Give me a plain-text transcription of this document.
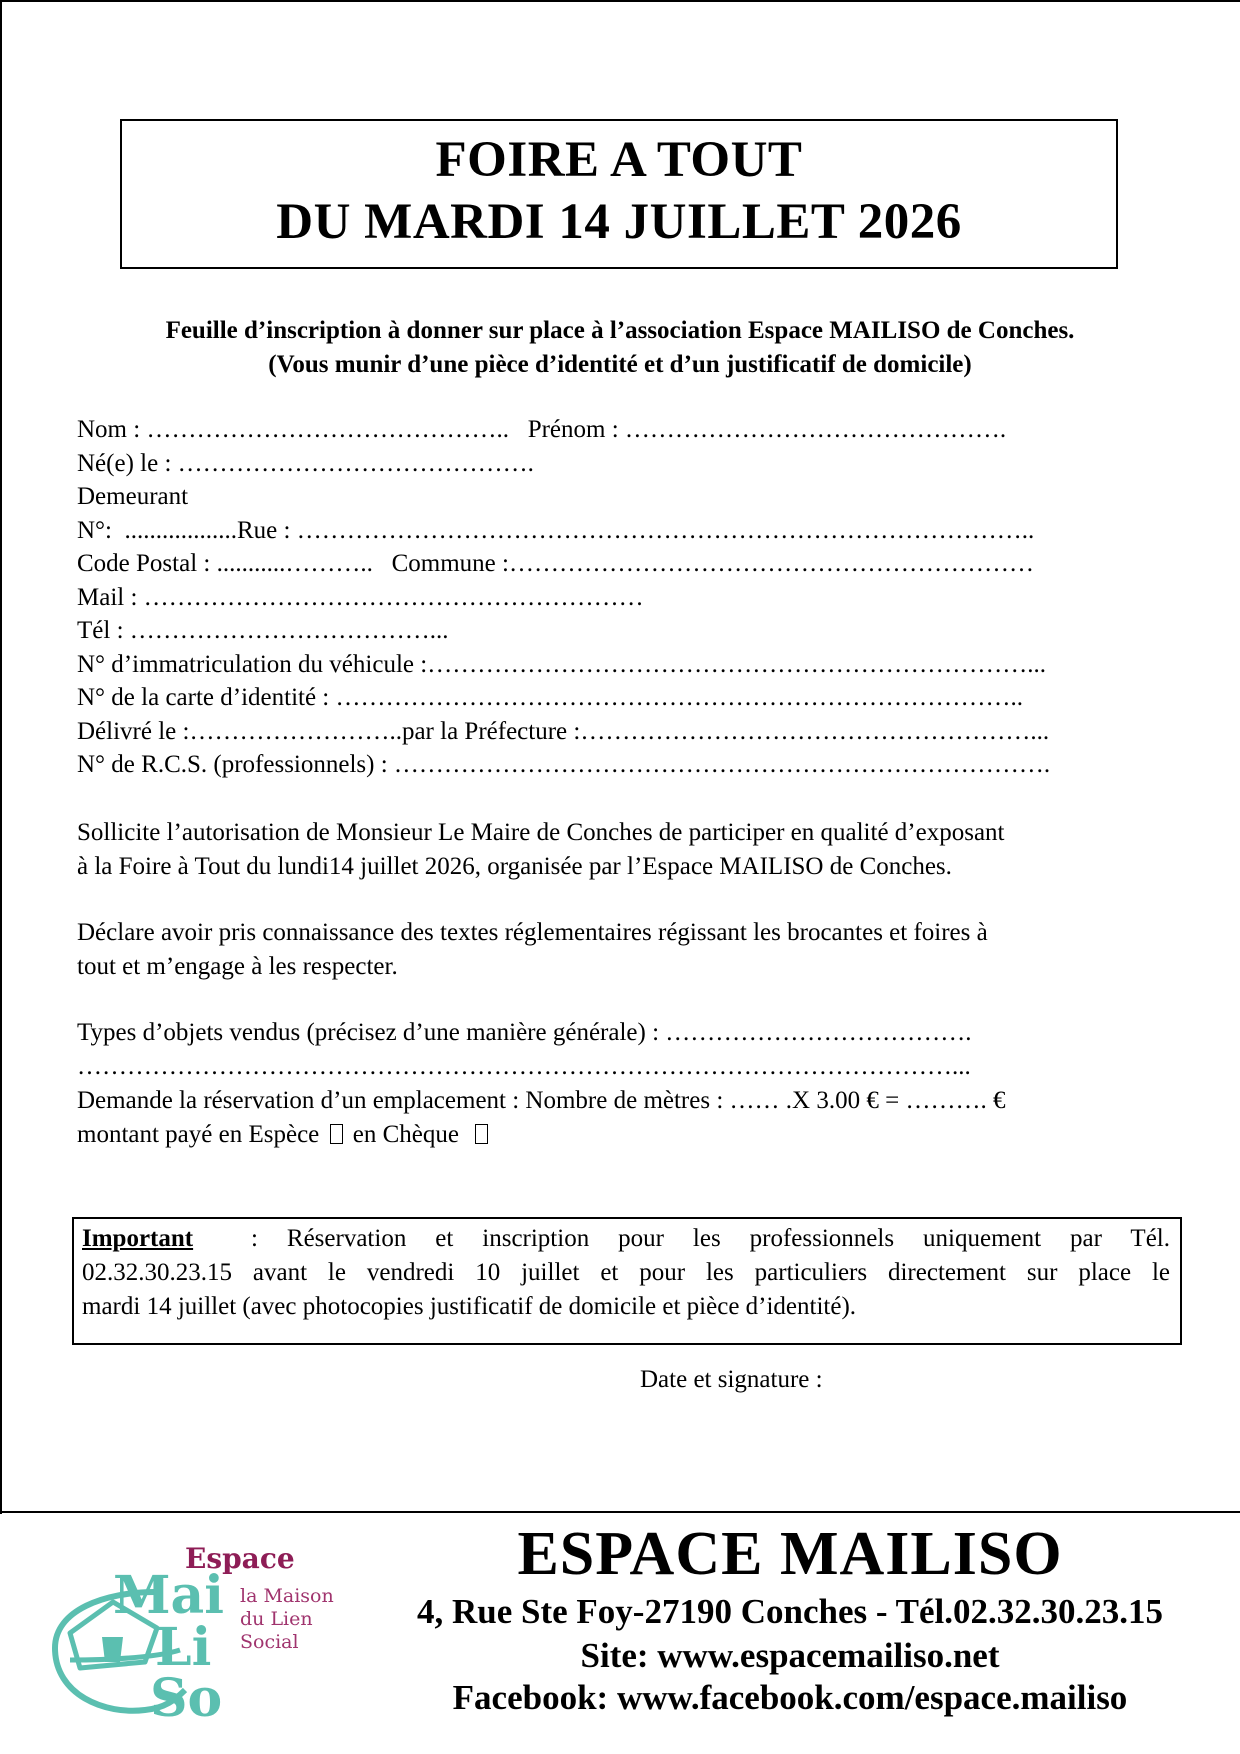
FOIRE A TOUT
DU MARDI 14 JUILLET 2026
Feuille d’inscription à donner sur place à l’association Espace MAILISO de Conches.
(Vous munir d’une pièce d’identité et d’un justificatif de domicile)
Nom : …………………………………….. Prénom : ……………………………………….
Né(e) le : …………………………………….
Demeurant
N°: ..................Rue : ……………………………………………………………………………..
Code Postal : ...........……….. Commune :………………………………………………………
Mail : ……………………………………………………
Tél : ………………………………...
N° d’immatriculation du véhicule :………………………………………………………………...
N° de la carte d’identité : ………………………………………………………………………..
Délivré le :……………………..par la Préfecture :………………………………………………...
N° de R.C.S. (professionnels) : …………………………………………………………………….
Sollicite l’autorisation de Monsieur Le Maire de Conches de participer en qualité d’exposant
à la Foire à Tout du lundi14 juillet 2026, organisée par l’Espace MAILISO de Conches.
Déclare avoir pris connaissance des textes réglementaires régissant les brocantes et foires à
tout et m’engage à les respecter.
Types d’objets vendus (précisez d’une manière générale) : ……………………………….
……………………………………………………………………………………………...
Demande la réservation d’un emplacement : Nombre de mètres : …… .X 3.00 € = ………. €
montant payé en Espèce en Chèque
Important : Réservation et inscription pour les professionnels uniquement par Tél.
02.32.30.23.15 avant le vendredi 10 juillet et pour les particuliers directement sur place le
mardi 14 juillet (avec photocopies justificatif de domicile et pièce d’identité).
Date et signature :
Espace
Mai
Li
So
la Maison
du Lien
Social
ESPACE MAILISO
4, Rue Ste Foy-27190 Conches - Tél.02.32.30.23.15
Site: www.espacemailiso.net
Facebook: www.facebook.com/espace.mailiso
